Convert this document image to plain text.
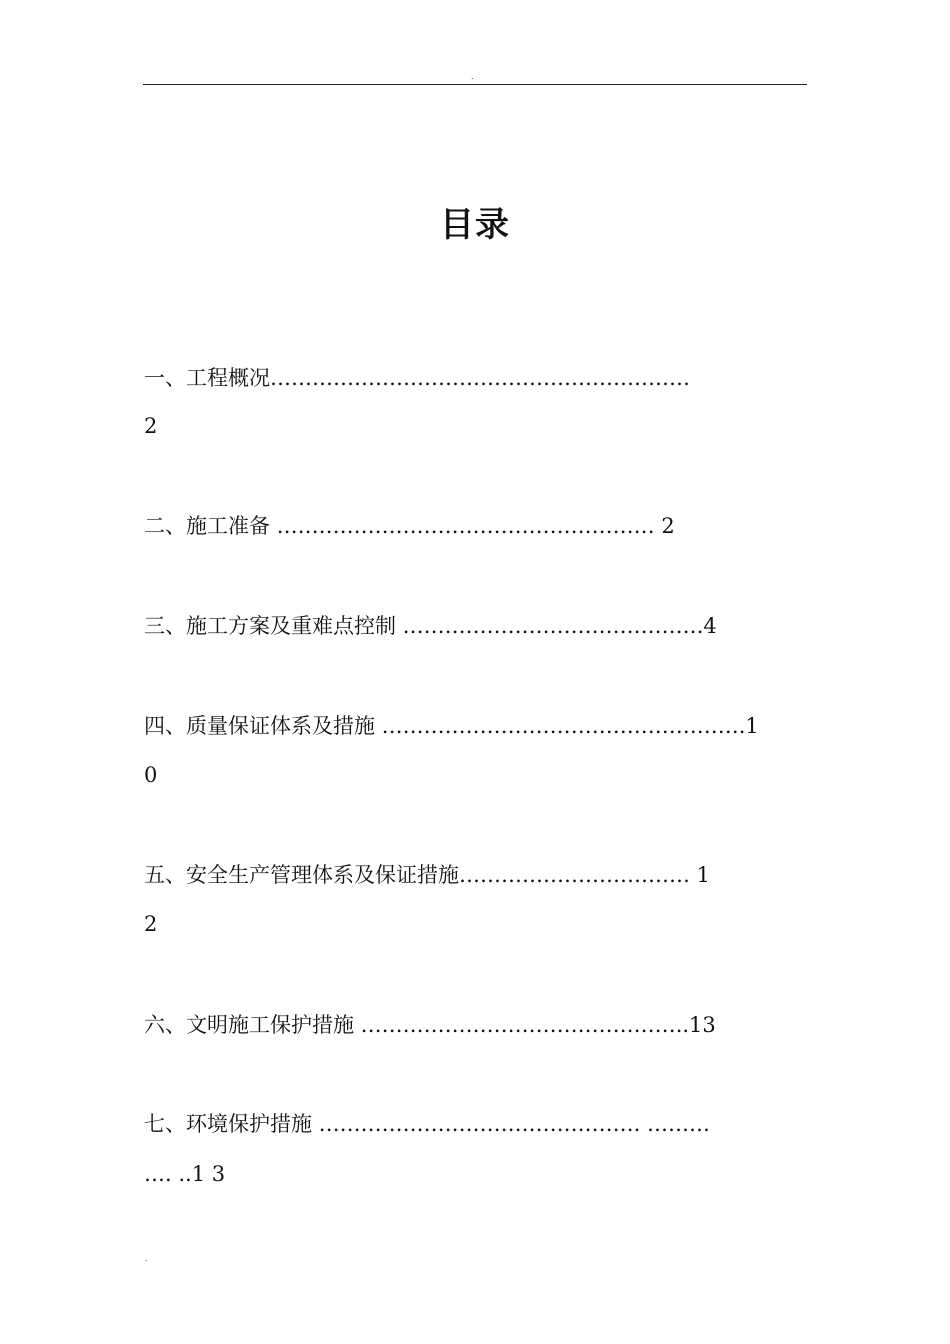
.
目录
一、工程概况……………………………………………………
2
二、施工准备 ……………………………………………… 2
三、施工方案及重难点控制 …………………………………….4
四、质量保证体系及措施 …………………………………………….1
0
五、安全生产管理体系及保证措施…………………………… 1
2
六、文明施工保护措施 ………………………………………..13
七、环境保护措施 ………………………………………. ………
…. ..1 3
.
